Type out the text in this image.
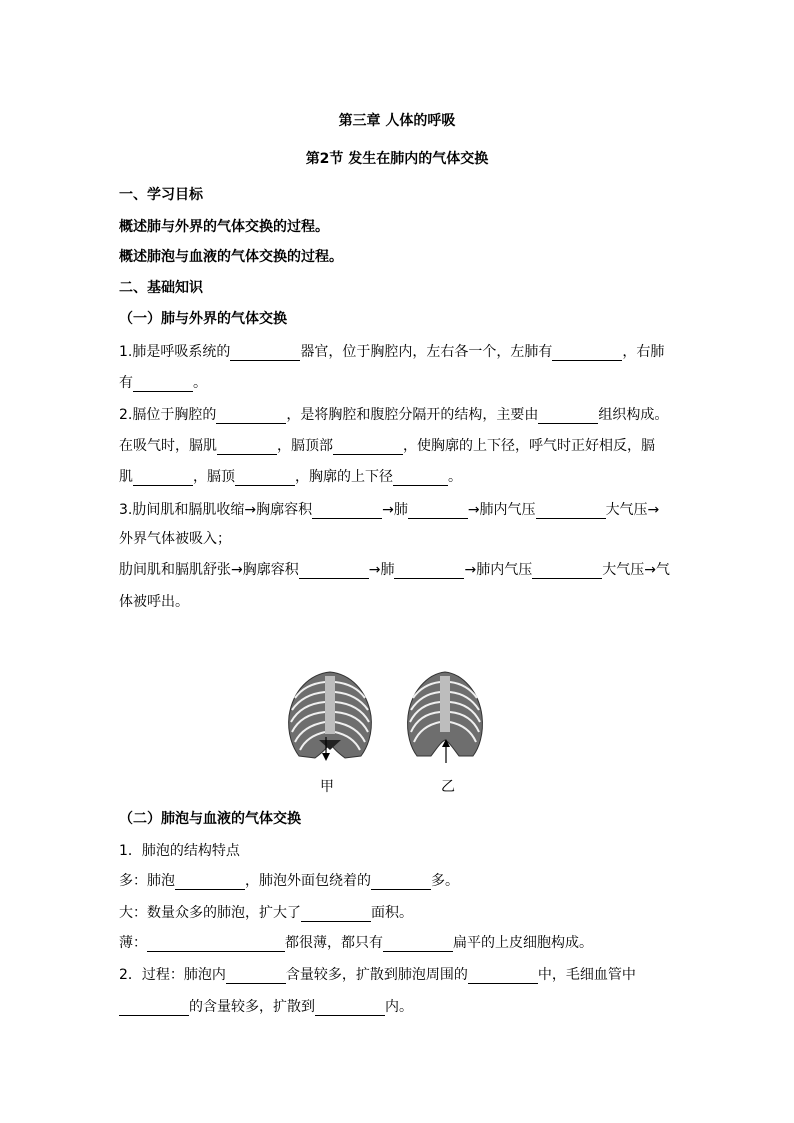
第三章 人体的呼吸
第2节 发生在肺内的气体交换
一、学习目标
概述肺与外界的气体交换的过程。
概述肺泡与血液的气体交换的过程。
二、基础知识
（一）肺与外界的气体交换
1.肺是呼吸系统的	器官，位于胸腔内，左右各一个，左肺有	，右肺
有	。
2.膈位于胸腔的	，是将胸腔和腹腔分隔开的结构，主要由	组织构成。
在吸气时，膈肌	，膈顶部	，使胸廓的上下径，呼气时正好相反，膈
肌	，膈顶	，胸廓的上下径	。
3.肋间肌和膈肌收缩→胸廓容积	→肺	→肺内气压	大气压→
外界气体被吸入；
肋间肌和膈肌舒张→胸廓容积	→肺	→肺内气压	大气压→气
体被呼出。
甲	乙
（二）肺泡与血液的气体交换
1．肺泡的结构特点
多：肺泡	，肺泡外面包绕着的	多。
大：数量众多的肺泡，扩大了	面积。
薄：	都很薄，都只有	扁平的上皮细胞构成。
2．过程：肺泡内	含量较多，扩散到肺泡周围的	中，毛细血管中
的含量较多，扩散到	内。
